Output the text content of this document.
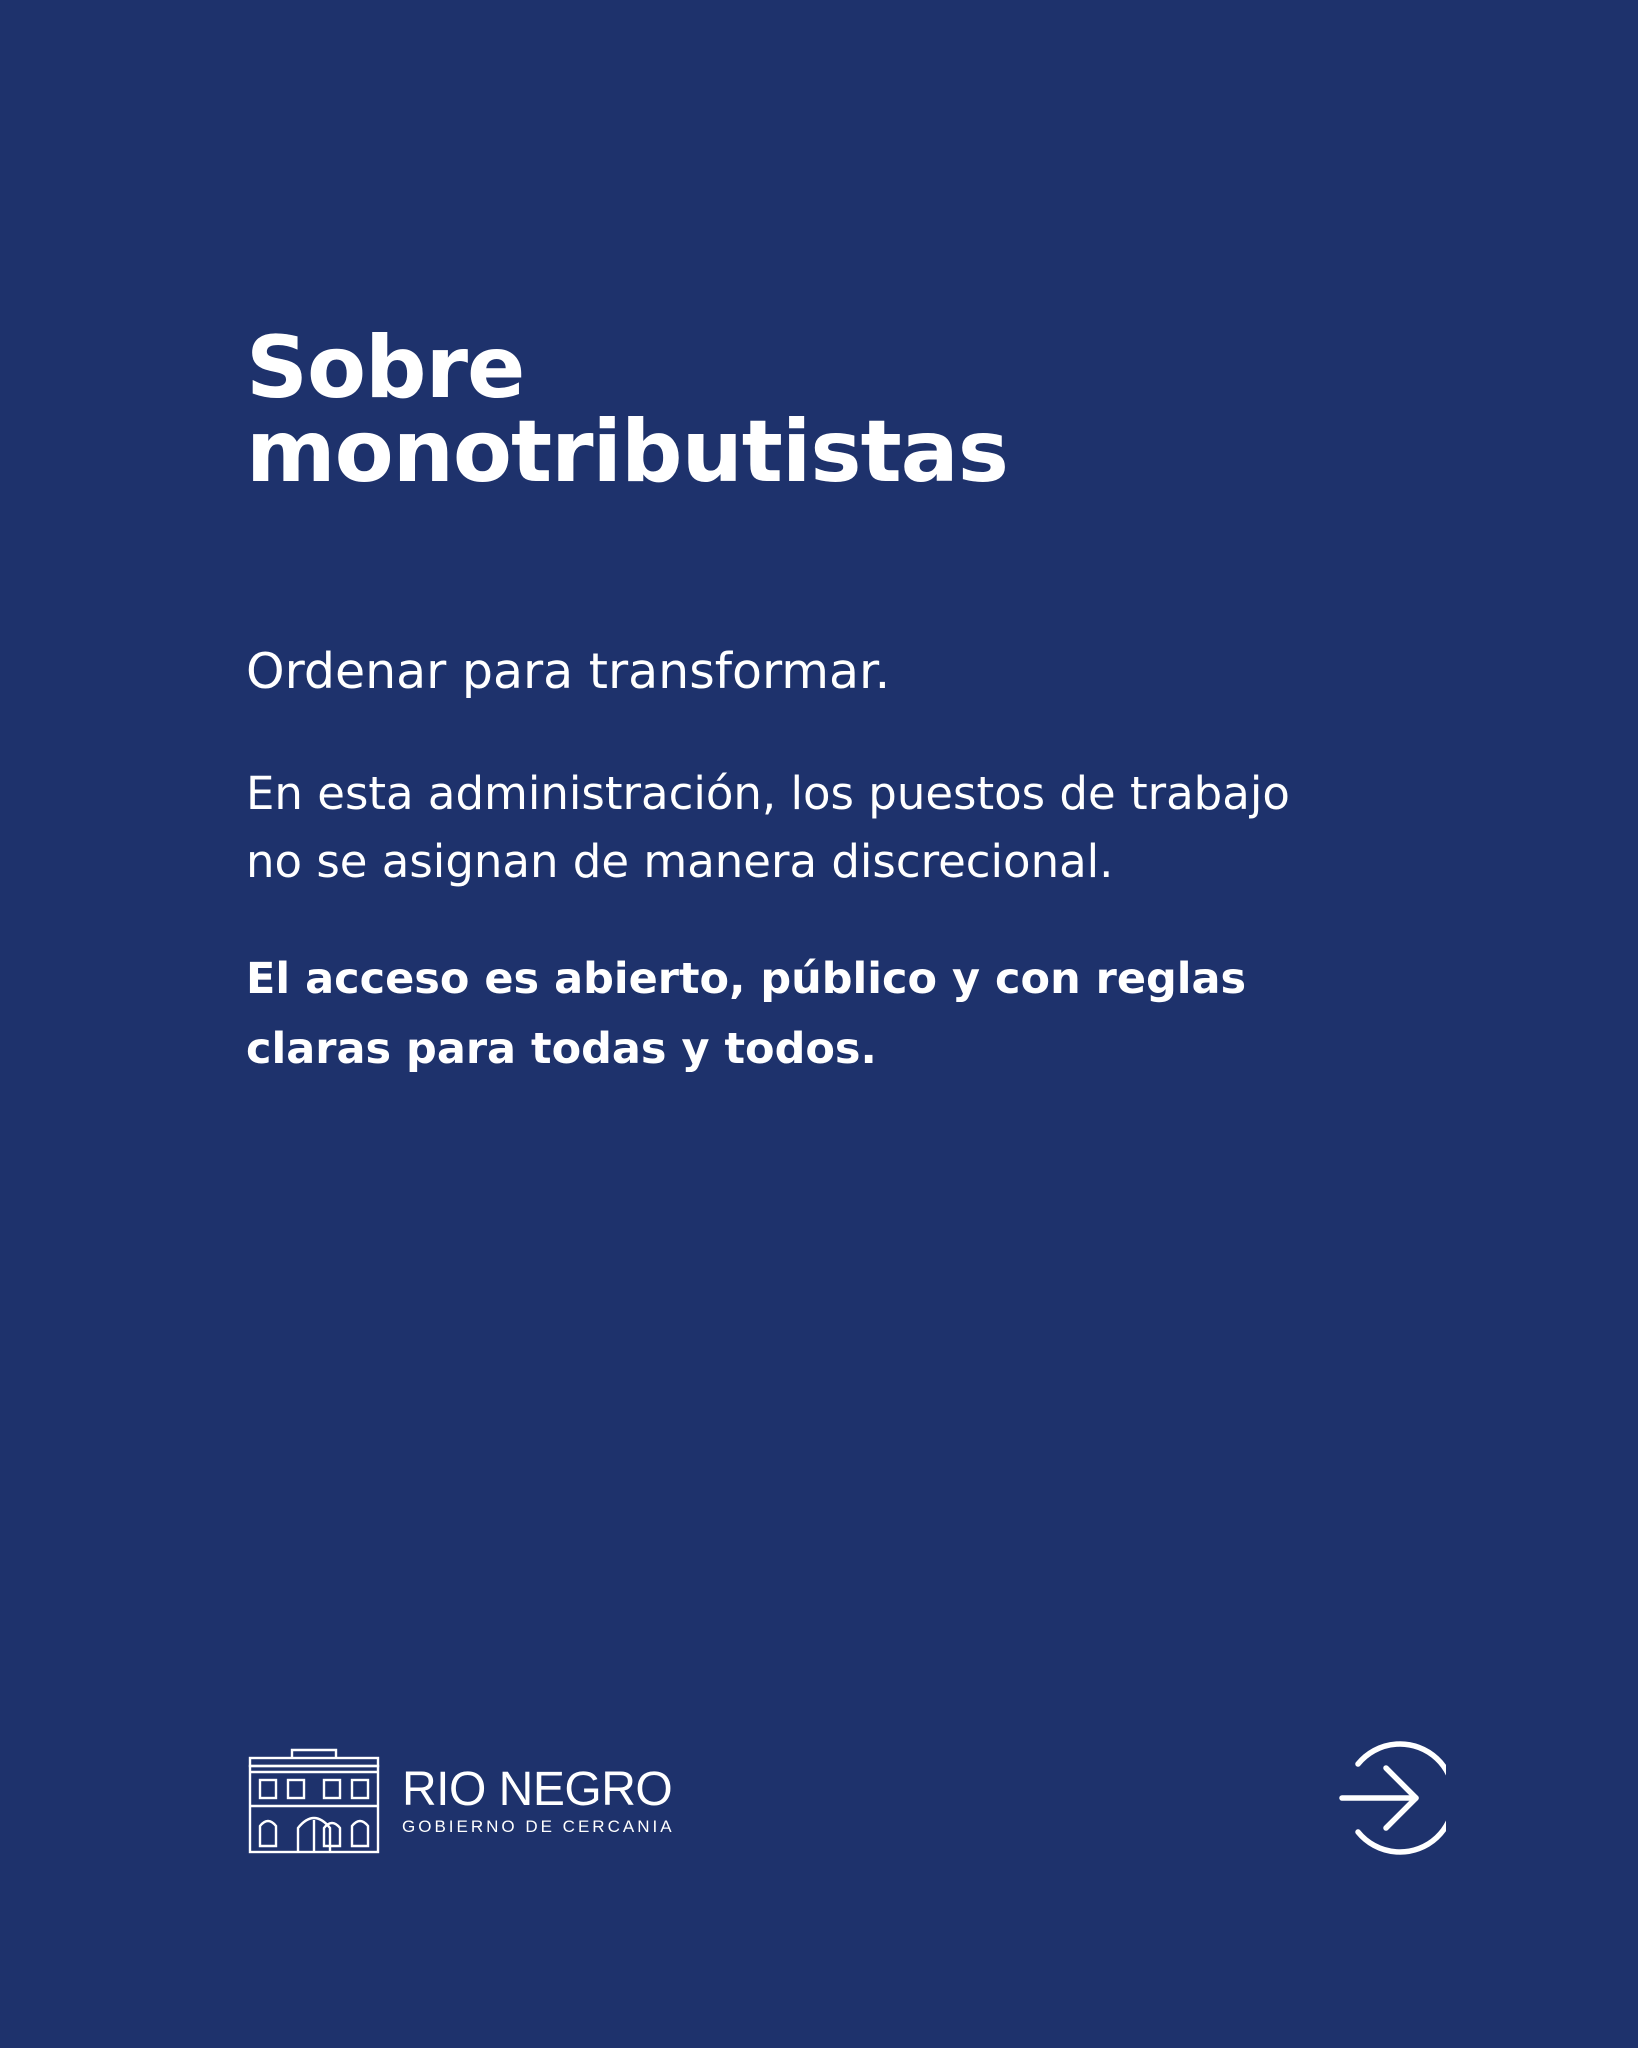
Sobre
monotributistas

Ordenar para transformar.

En esta administración, los puestos de trabajo
no se asignan de manera discrecional.

El acceso es abierto, público y con reglas
claras para todas y todos.

RIO NEGRO
GOBIERNO DE CERCANIA
